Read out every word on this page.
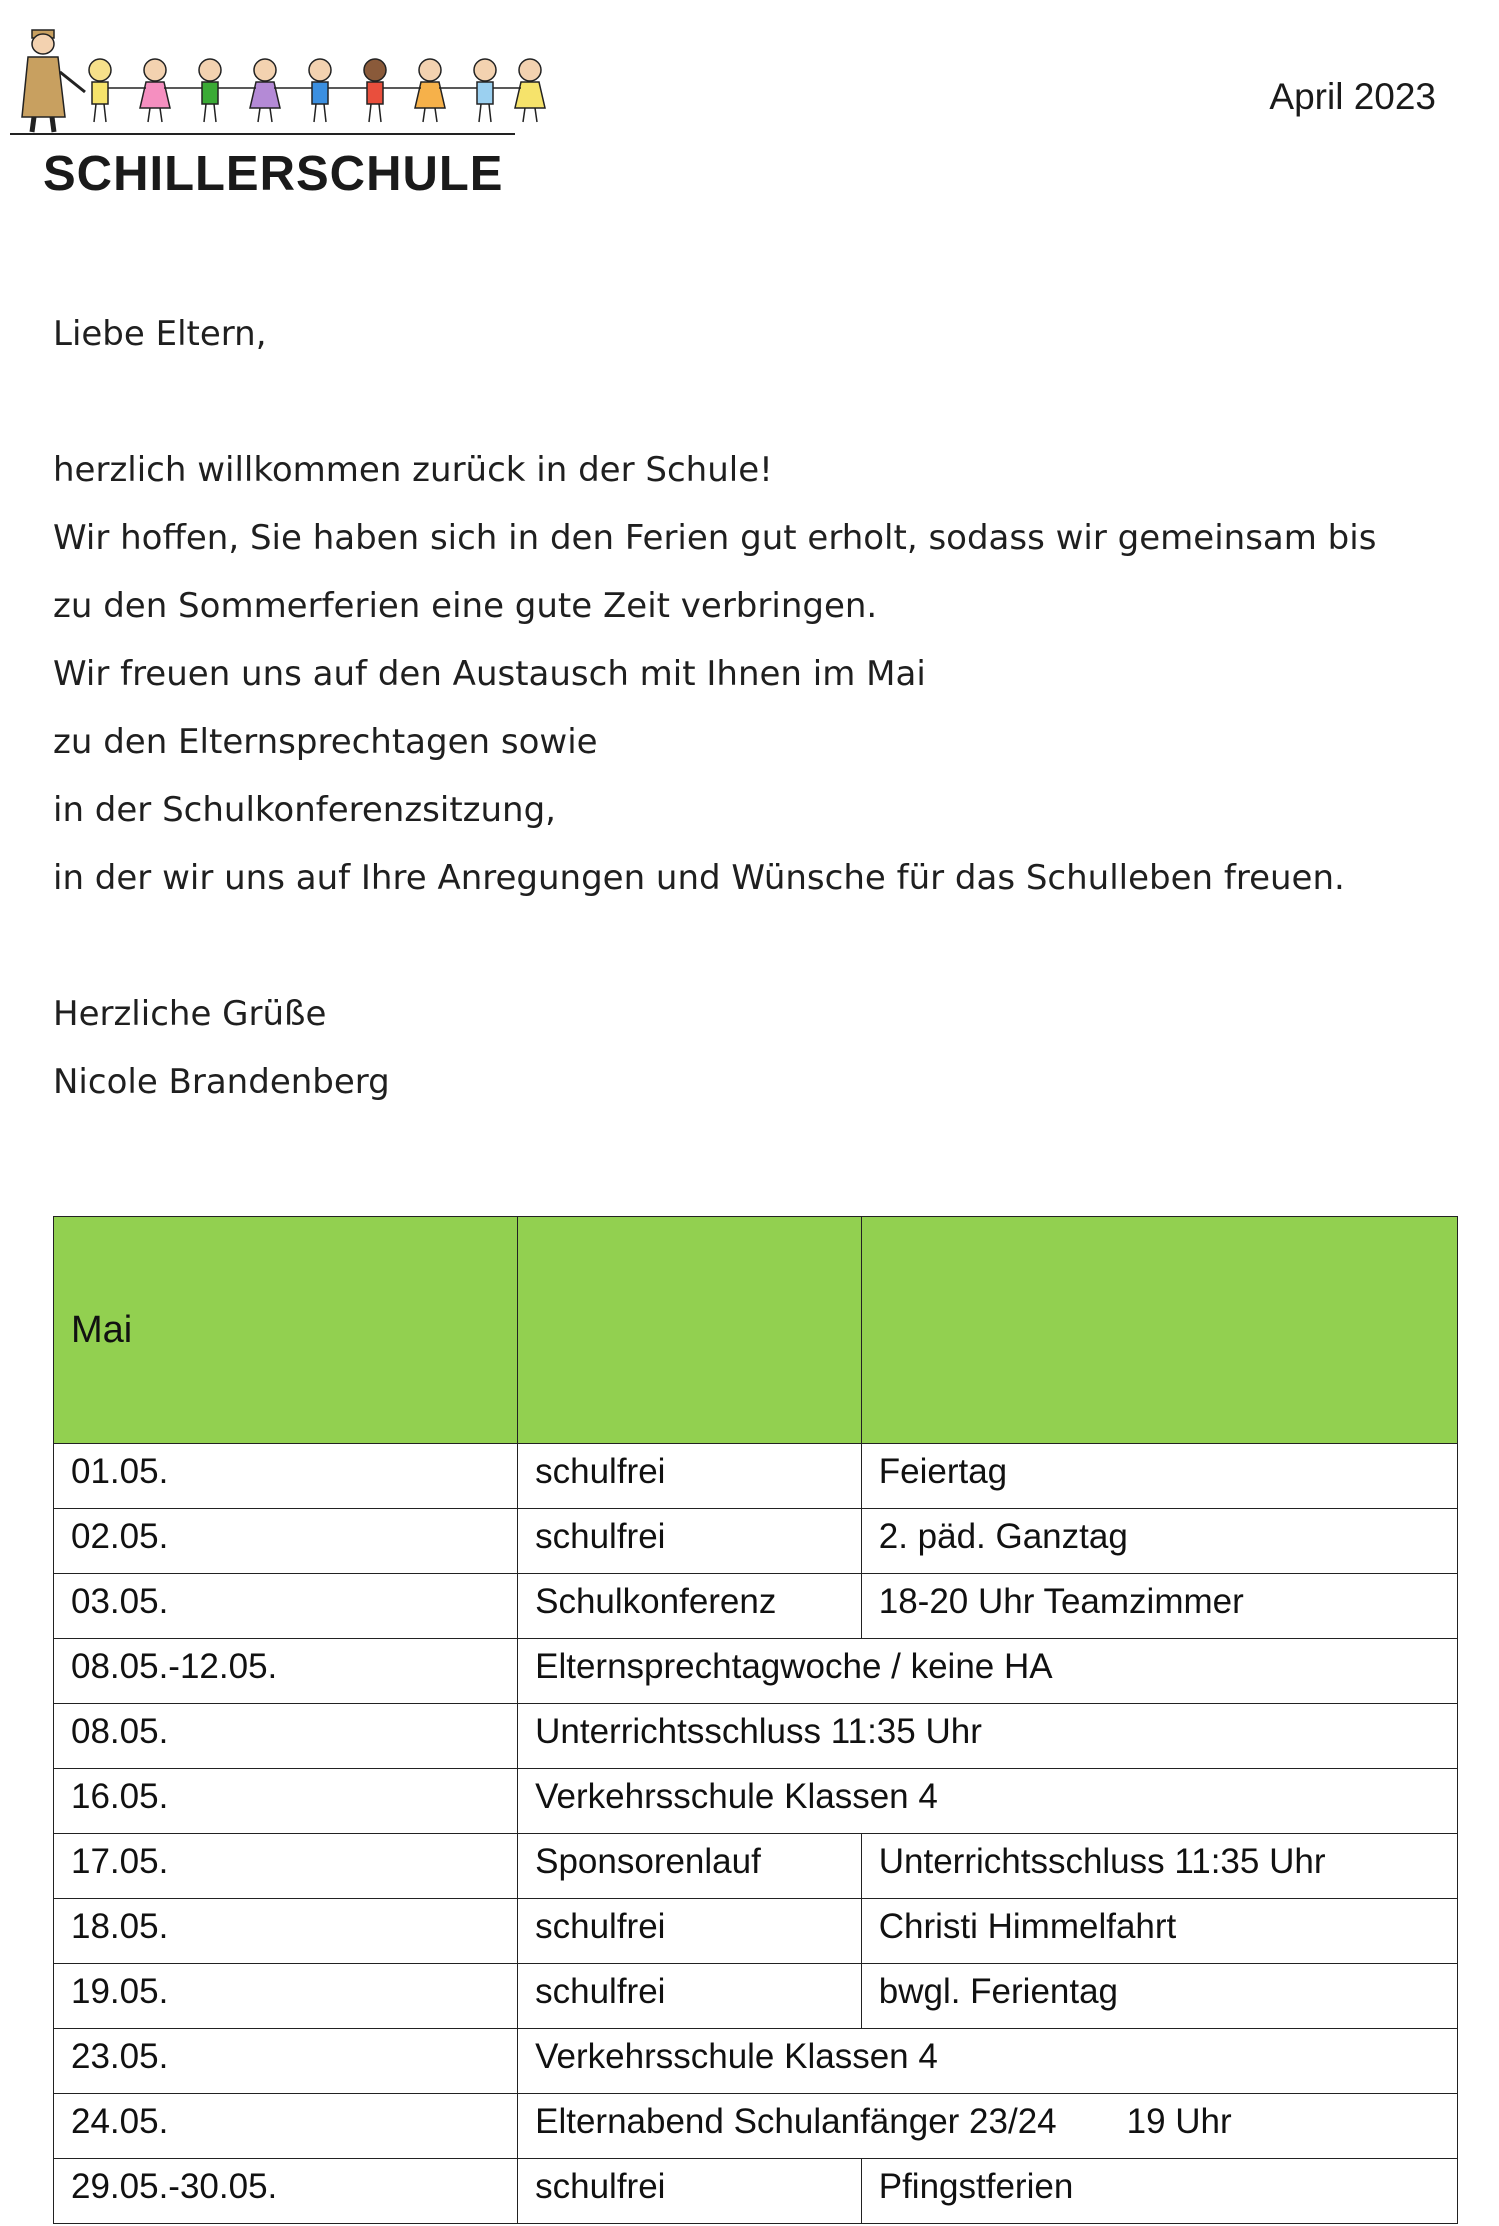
SCHILLERSCHULE
April 2023

Liebe Eltern,

herzlich willkommen zurück in der Schule!

Wir hoffen, Sie haben sich in den Ferien gut erholt, sodass wir gemeinsam bis

zu den Sommerferien eine gute Zeit verbringen.

Wir freuen uns auf den Austausch mit Ihnen im Mai

zu den Elternsprechtagen sowie

in der Schulkonferenzsitzung,

in der wir uns auf Ihre Anregungen und Wünsche für das Schulleben freuen.

Herzliche Grüße

Nicole Brandenberg

Mai		
01.05.	schulfrei	Feiertag
02.05.	schulfrei	2. päd. Ganztag
03.05.	Schulkonferenz	18-20 Uhr Teamzimmer
08.05.-12.05.	Elternsprechtagwoche / keine HA	
08.05.	Unterrichtsschluss 11:35 Uhr	
16.05.	Verkehrsschule Klassen 4	
17.05.	Sponsorenlauf	Unterrichtsschluss 11:35 Uhr
18.05.	schulfrei	Christi Himmelfahrt
19.05.	schulfrei	bwgl. Ferientag
23.05.	Verkehrsschule Klassen 4	
24.05.	Elternabend Schulanfänger 23/24 19 Uhr	
29.05.-30.05.	schulfrei	Pfingstferien
